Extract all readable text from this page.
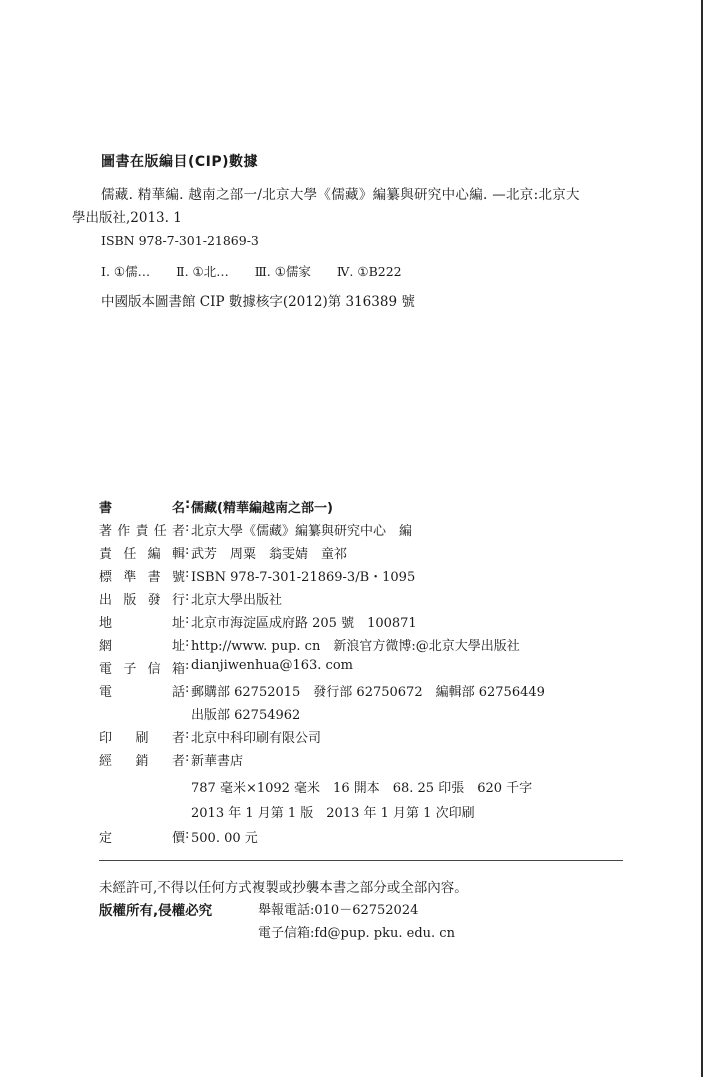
圖書在版編目(CIP)數據
儒藏. 精華編. 越南之部一/北京大學《儒藏》編纂與研究中心編. —北京:北京大
學出版社,2013. 1
ISBN 978-7-301-21869-3
Ⅰ. ①儒… Ⅱ. ①北… Ⅲ. ①儒家 Ⅳ. ①B222
中國版本圖書館 CIP 數據核字(2012)第 316389 號
書名 : 儒藏(精華編越南之部一)
著作責任者 : 北京大學《儒藏》編纂與研究中心　編
責任編輯 : 武芳　周粟　翁雯婧　童祁
標準書號 : ISBN 978-7-301-21869-3/B・1095
出版發行 : 北京大學出版社
地址 : 北京市海淀區成府路 205 號　100871
網址 : http://www. pup. cn　新浪官方微博:@北京大學出版社
電子信箱 : dianjiwenhua@163. com
電話 : 郵購部 62752015　發行部 62750672　編輯部 62756449
出版部 62754962
印刷者 : 北京中科印刷有限公司
經銷者 : 新華書店
787 毫米×1092 毫米　16 開本　68. 25 印張　620 千字
2013 年 1 月第 1 版　2013 年 1 月第 1 次印刷
定價 : 500. 00 元
未經許可,不得以任何方式複製或抄襲本書之部分或全部內容。
版權所有,侵權必究	舉報電話:010－62752024
電子信箱:fd@pup. pku. edu. cn
